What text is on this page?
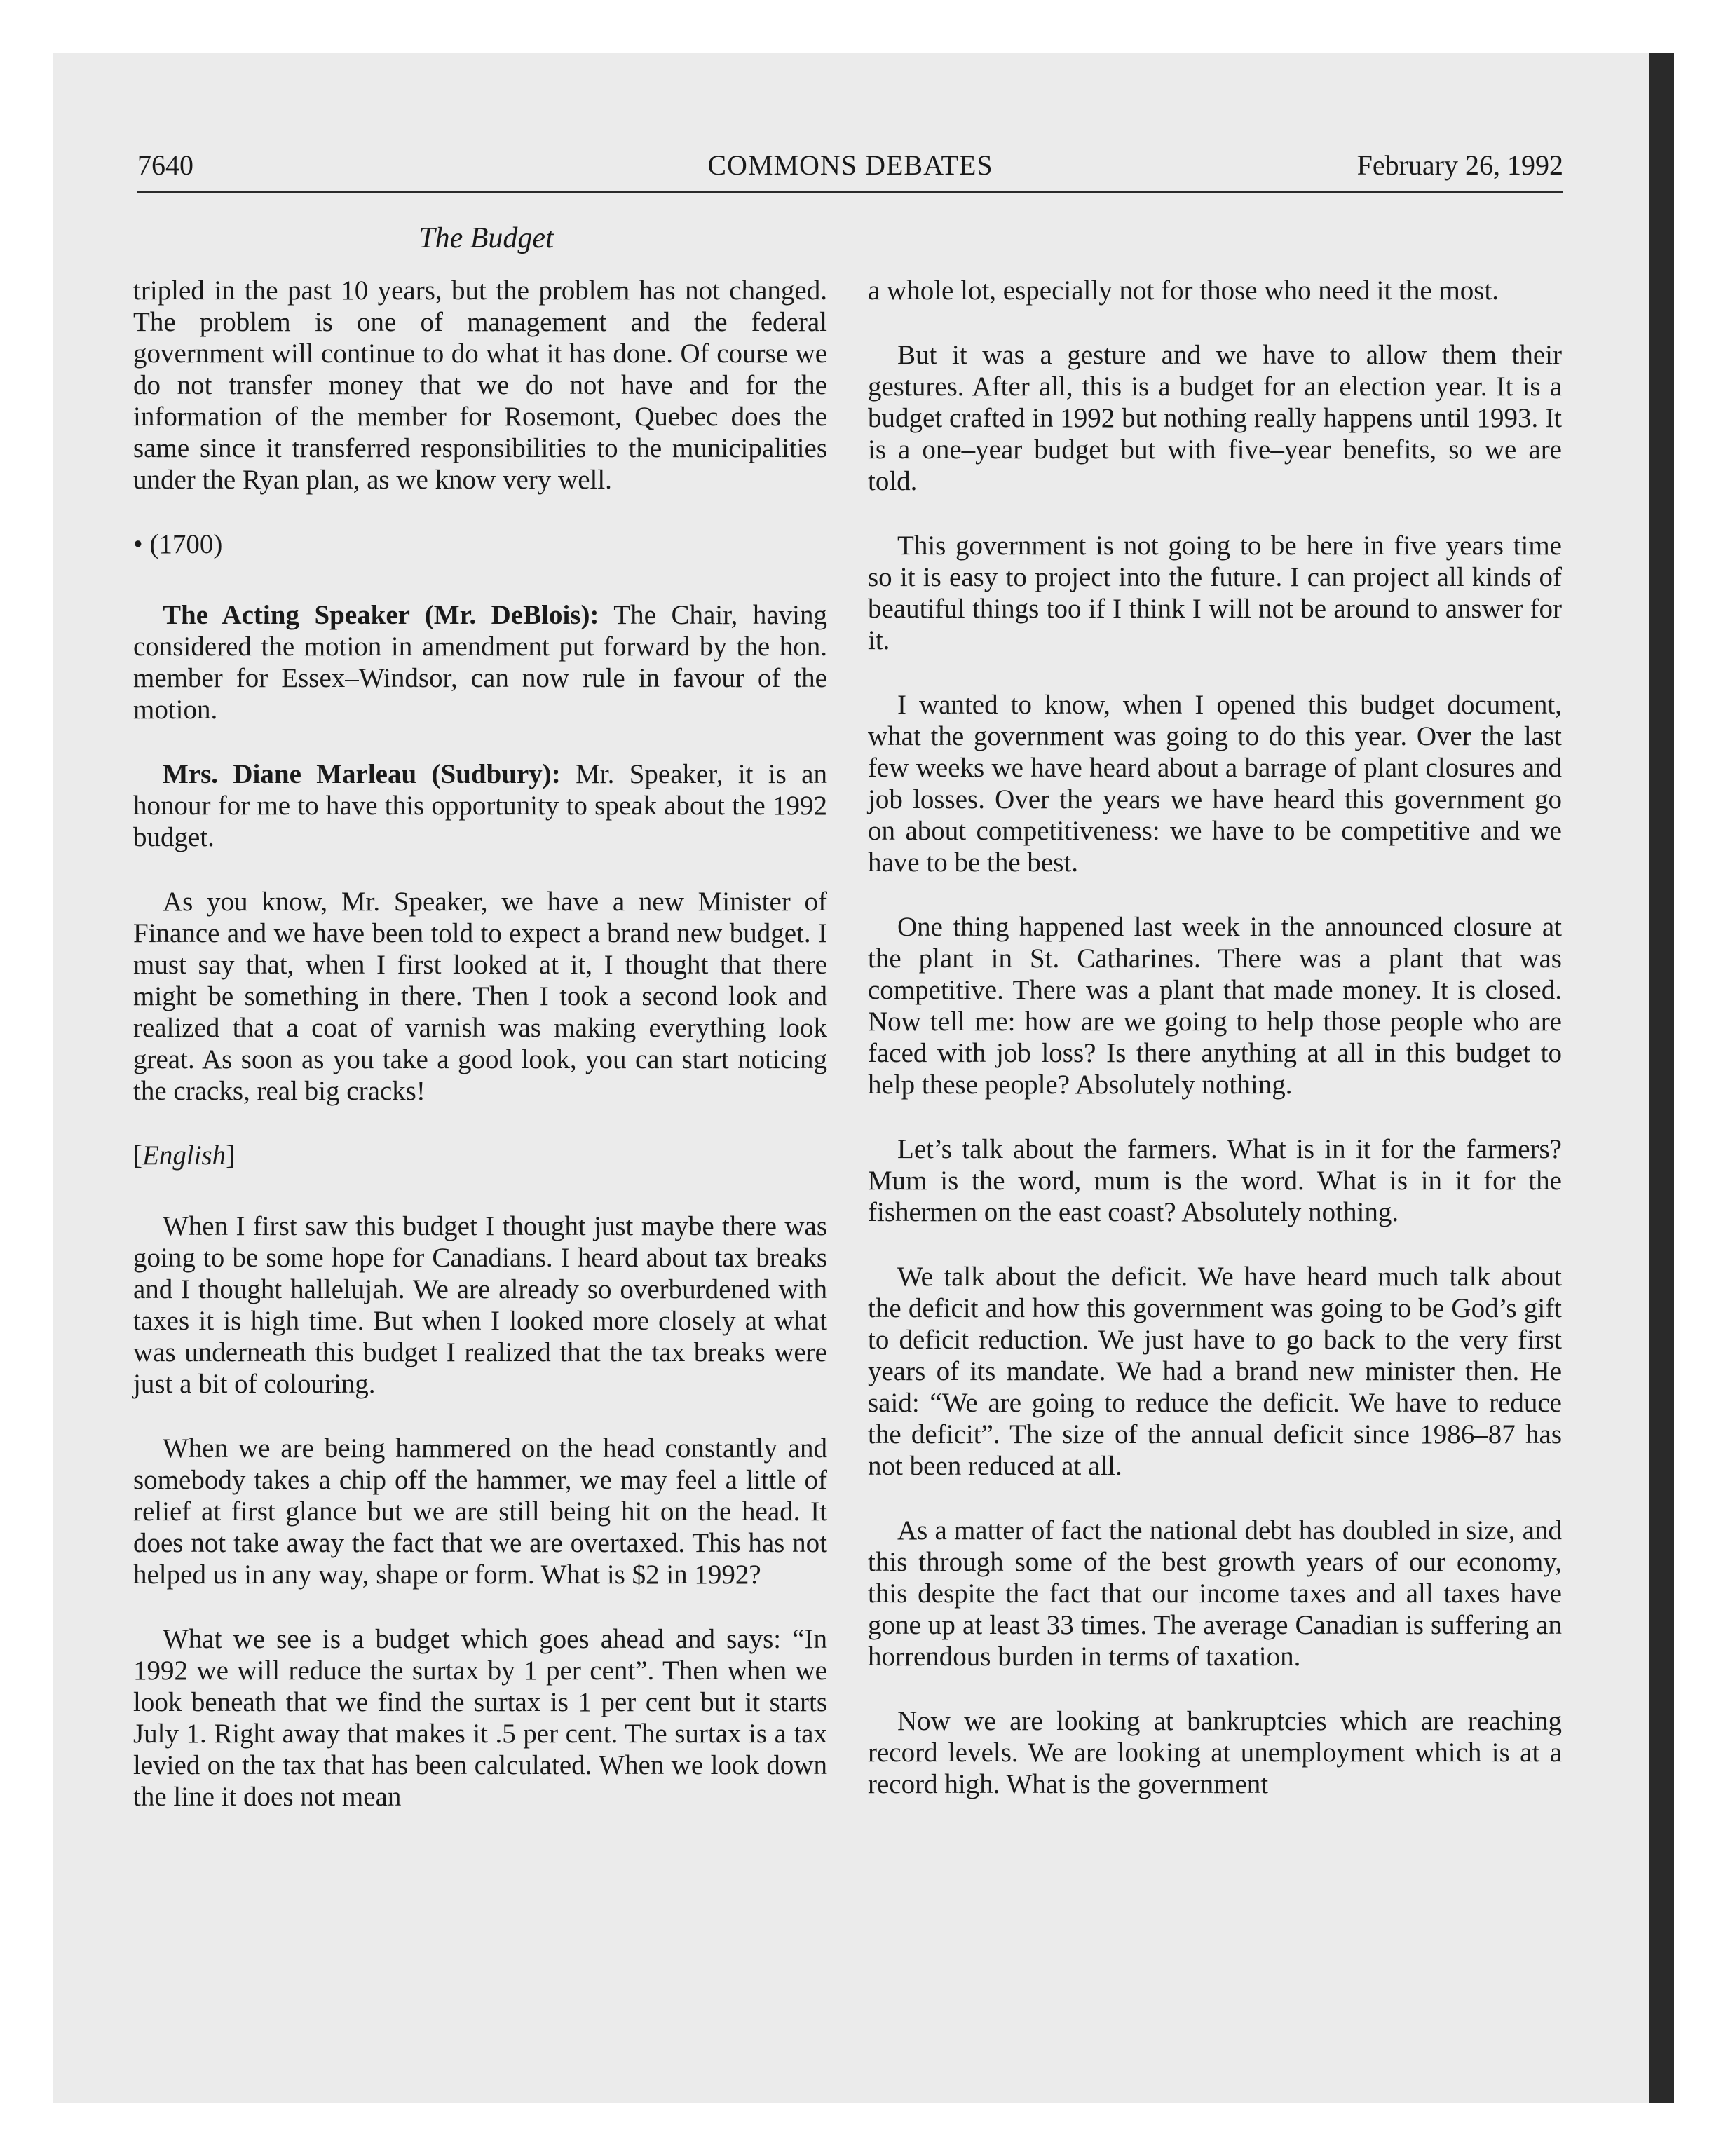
7640	COMMONS DEBATES	February 26, 1992
The Budget

tripled in the past 10 years, but the problem has not changed. The problem is one of management and the federal government will continue to do what it has done. Of course we do not transfer money that we do not have and for the information of the member for Rosemont, Quebec does the same since it transferred responsibilities to the municipalities under the Ryan plan, as we know very well.

• (1700)

The Acting Speaker (Mr. DeBlois): The Chair, having considered the motion in amendment put forward by the hon. member for Essex–Windsor, can now rule in favour of the motion.

Mrs. Diane Marleau (Sudbury): Mr. Speaker, it is an honour for me to have this opportunity to speak about the 1992 budget.

As you know, Mr. Speaker, we have a new Minister of Finance and we have been told to expect a brand new budget. I must say that, when I first looked at it, I thought that there might be something in there. Then I took a second look and realized that a coat of varnish was making everything look great. As soon as you take a good look, you can start noticing the cracks, real big cracks!

[English]

When I first saw this budget I thought just maybe there was going to be some hope for Canadians. I heard about tax breaks and I thought hallelujah. We are already so overburdened with taxes it is high time. But when I looked more closely at what was underneath this budget I realized that the tax breaks were just a bit of colouring.

When we are being hammered on the head constantly and somebody takes a chip off the hammer, we may feel a little of relief at first glance but we are still being hit on the head. It does not take away the fact that we are overtaxed. This has not helped us in any way, shape or form. What is $2 in 1992?

What we see is a budget which goes ahead and says: “In 1992 we will reduce the surtax by 1 per cent”. Then when we look beneath that we find the surtax is 1 per cent but it starts July 1. Right away that makes it .5 per cent. The surtax is a tax levied on the tax that has been calculated. When we look down the line it does not mean

a whole lot, especially not for those who need it the most.

But it was a gesture and we have to allow them their gestures. After all, this is a budget for an election year. It is a budget crafted in 1992 but nothing really happens until 1993. It is a one–year budget but with five–year benefits, so we are told.

This government is not going to be here in five years time so it is easy to project into the future. I can project all kinds of beautiful things too if I think I will not be around to answer for it.

I wanted to know, when I opened this budget document, what the government was going to do this year. Over the last few weeks we have heard about a barrage of plant closures and job losses. Over the years we have heard this government go on about competitiveness: we have to be competitive and we have to be the best.

One thing happened last week in the announced closure at the plant in St. Catharines. There was a plant that was competitive. There was a plant that made money. It is closed. Now tell me: how are we going to help those people who are faced with job loss? Is there anything at all in this budget to help these people? Absolutely nothing.

Let’s talk about the farmers. What is in it for the farmers? Mum is the word, mum is the word. What is in it for the fishermen on the east coast? Absolutely nothing.

We talk about the deficit. We have heard much talk about the deficit and how this government was going to be God’s gift to deficit reduction. We just have to go back to the very first years of its mandate. We had a brand new minister then. He said: “We are going to reduce the deficit. We have to reduce the deficit”. The size of the annual deficit since 1986–87 has not been reduced at all.

As a matter of fact the national debt has doubled in size, and this through some of the best growth years of our economy, this despite the fact that our income taxes and all taxes have gone up at least 33 times. The average Canadian is suffering an horrendous burden in terms of taxation.

Now we are looking at bankruptcies which are reaching record levels. We are looking at unemployment which is at a record high. What is the government
